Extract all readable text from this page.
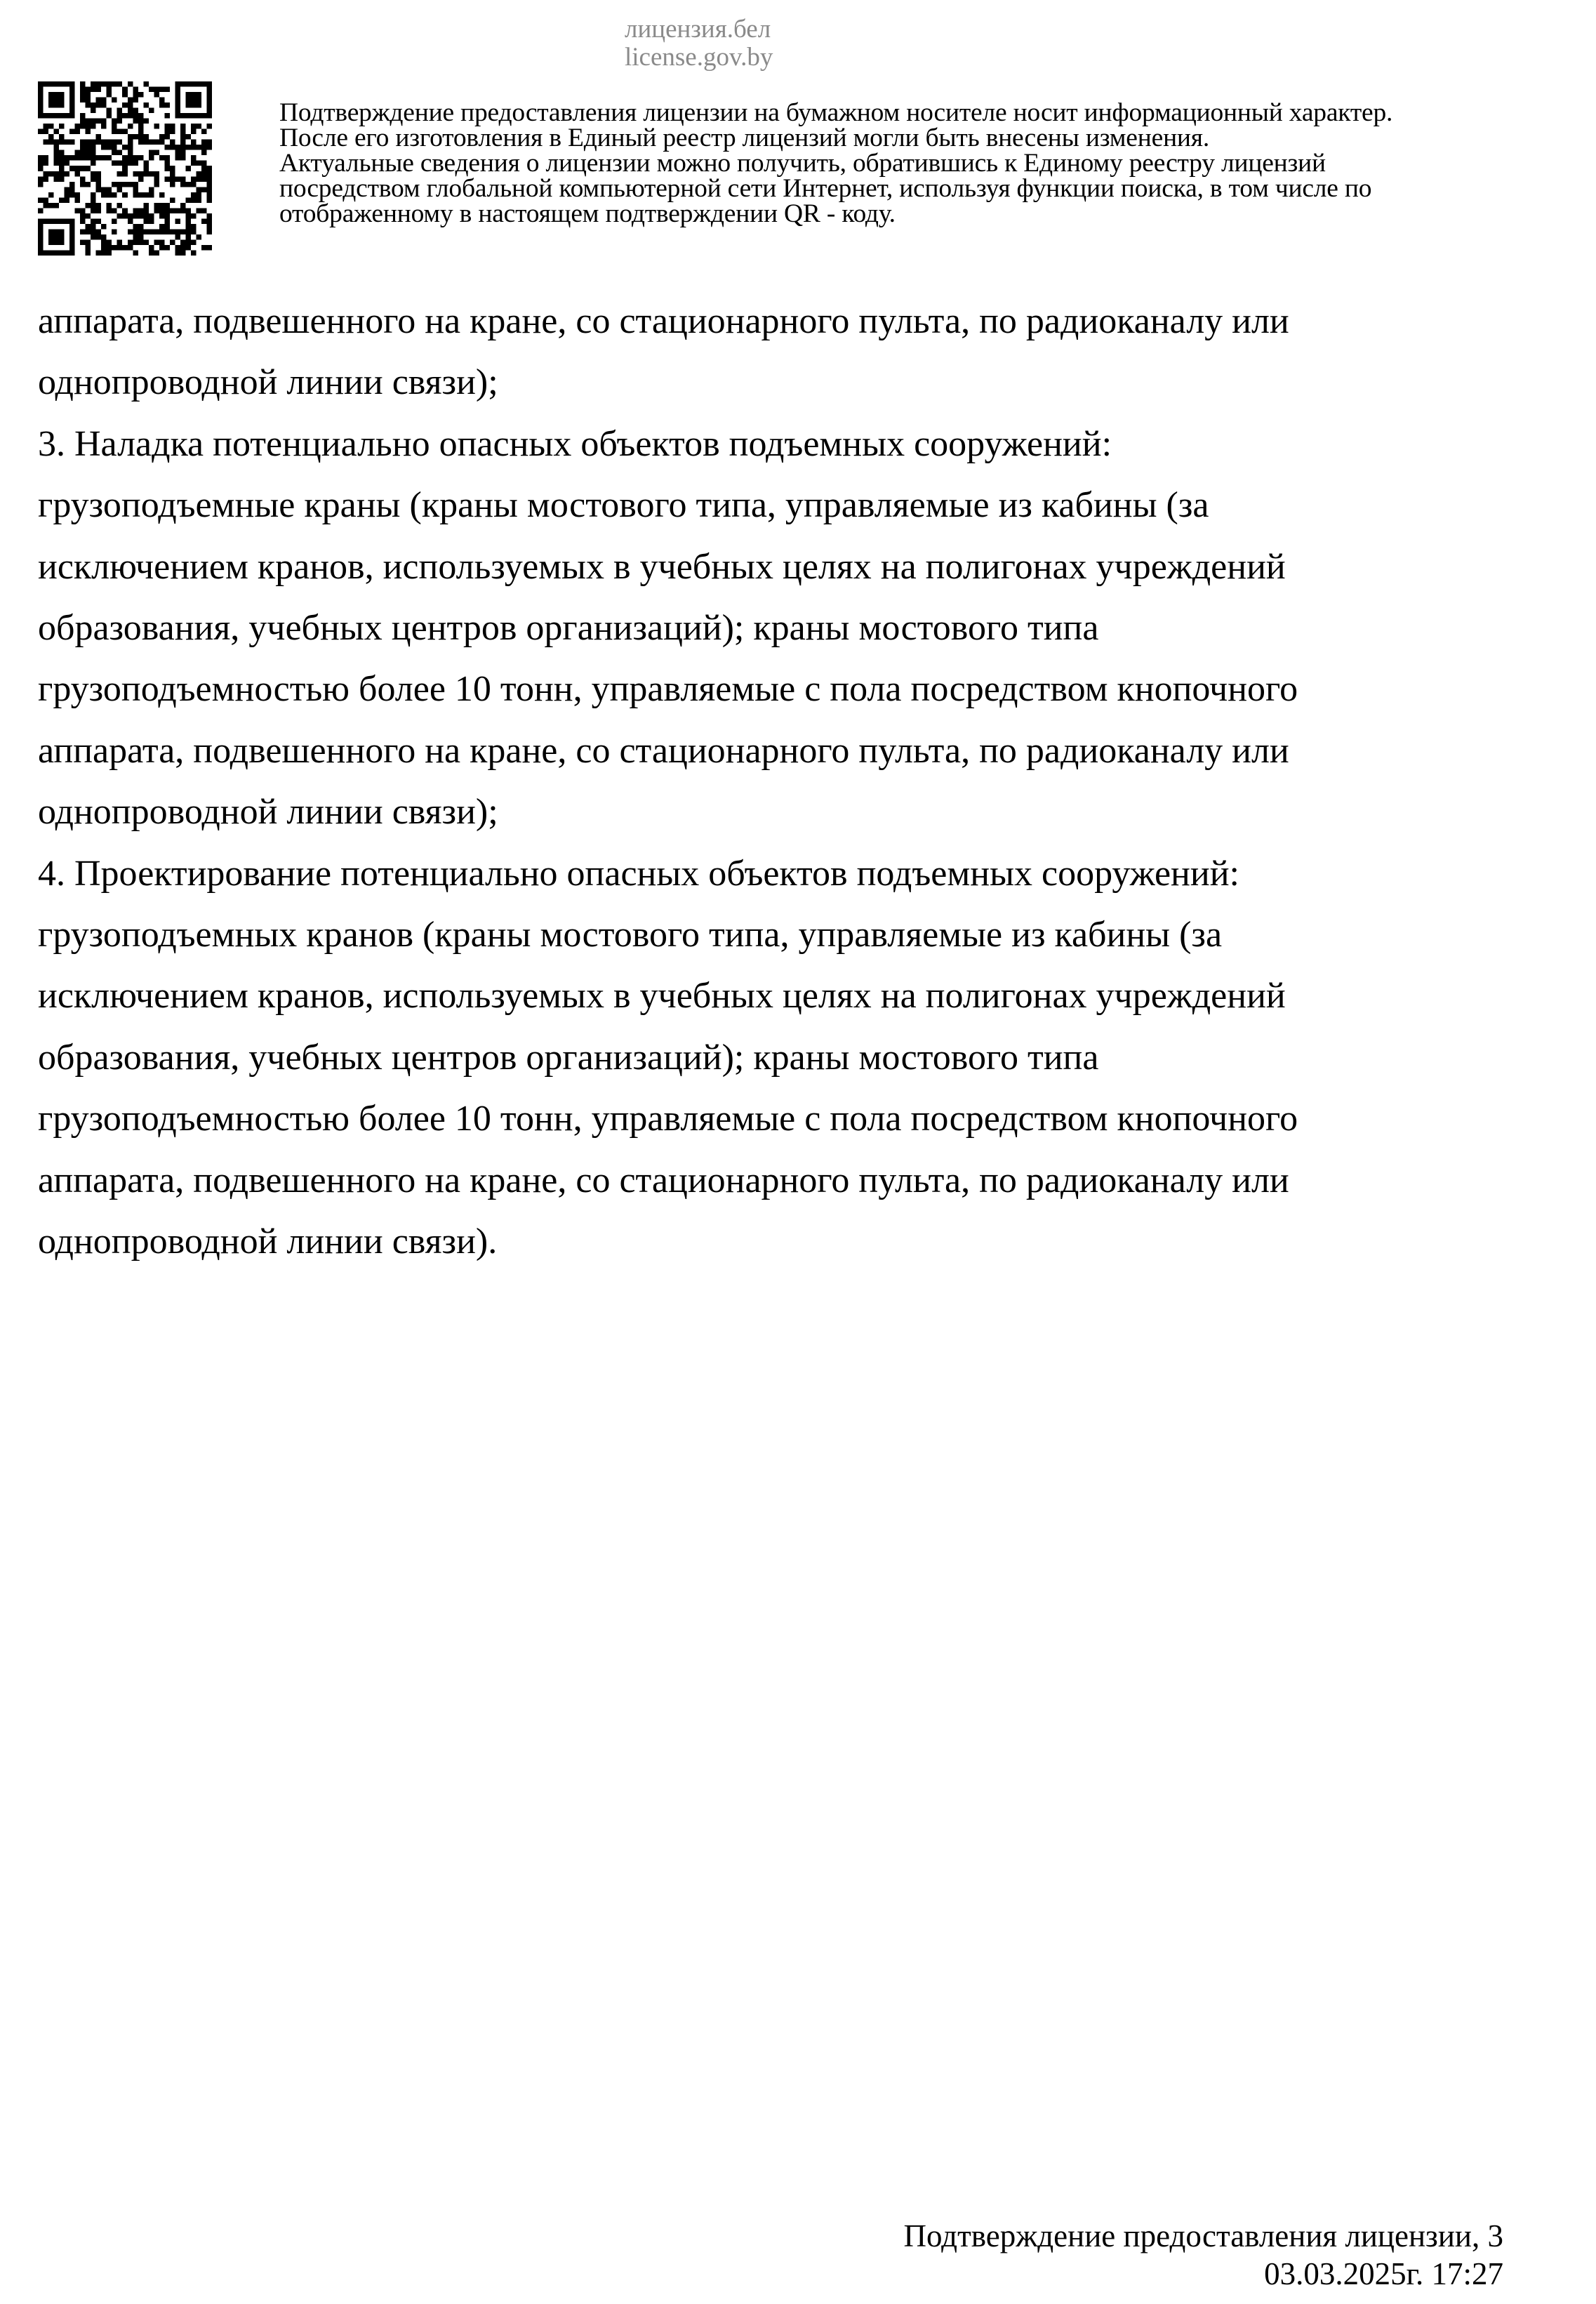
лицензия.бел
license.gov.by
Подтверждение предоставления лицензии на бумажном носителе носит информационный характер.
После его изготовления в Единый реестр лицензий могли быть внесены изменения.
Актуальные сведения о лицензии можно получить, обратившись к Единому реестру лицензий
посредством глобальной компьютерной сети Интернет, используя функции поиска, в том числе по
отображенному в настоящем подтверждении QR - коду.
аппарата, подвешенного на кране, со стационарного пульта, по радиоканалу или
однопроводной линии связи);
3. Наладка потенциально опасных объектов подъемных сооружений:
грузоподъемные краны (краны мостового типа, управляемые из кабины (за
исключением кранов, используемых в учебных целях на полигонах учреждений
образования, учебных центров организаций); краны мостового типа
грузоподъемностью более 10 тонн, управляемые с пола посредством кнопочного
аппарата, подвешенного на кране, со стационарного пульта, по радиоканалу или
однопроводной линии связи);
4. Проектирование потенциально опасных объектов подъемных сооружений:
грузоподъемных кранов (краны мостового типа, управляемые из кабины (за
исключением кранов, используемых в учебных целях на полигонах учреждений
образования, учебных центров организаций); краны мостового типа
грузоподъемностью более 10 тонн, управляемые с пола посредством кнопочного
аппарата, подвешенного на кране, со стационарного пульта, по радиоканалу или
однопроводной линии связи).
Подтверждение предоставления лицензии, 3
03.03.2025г. 17:27
